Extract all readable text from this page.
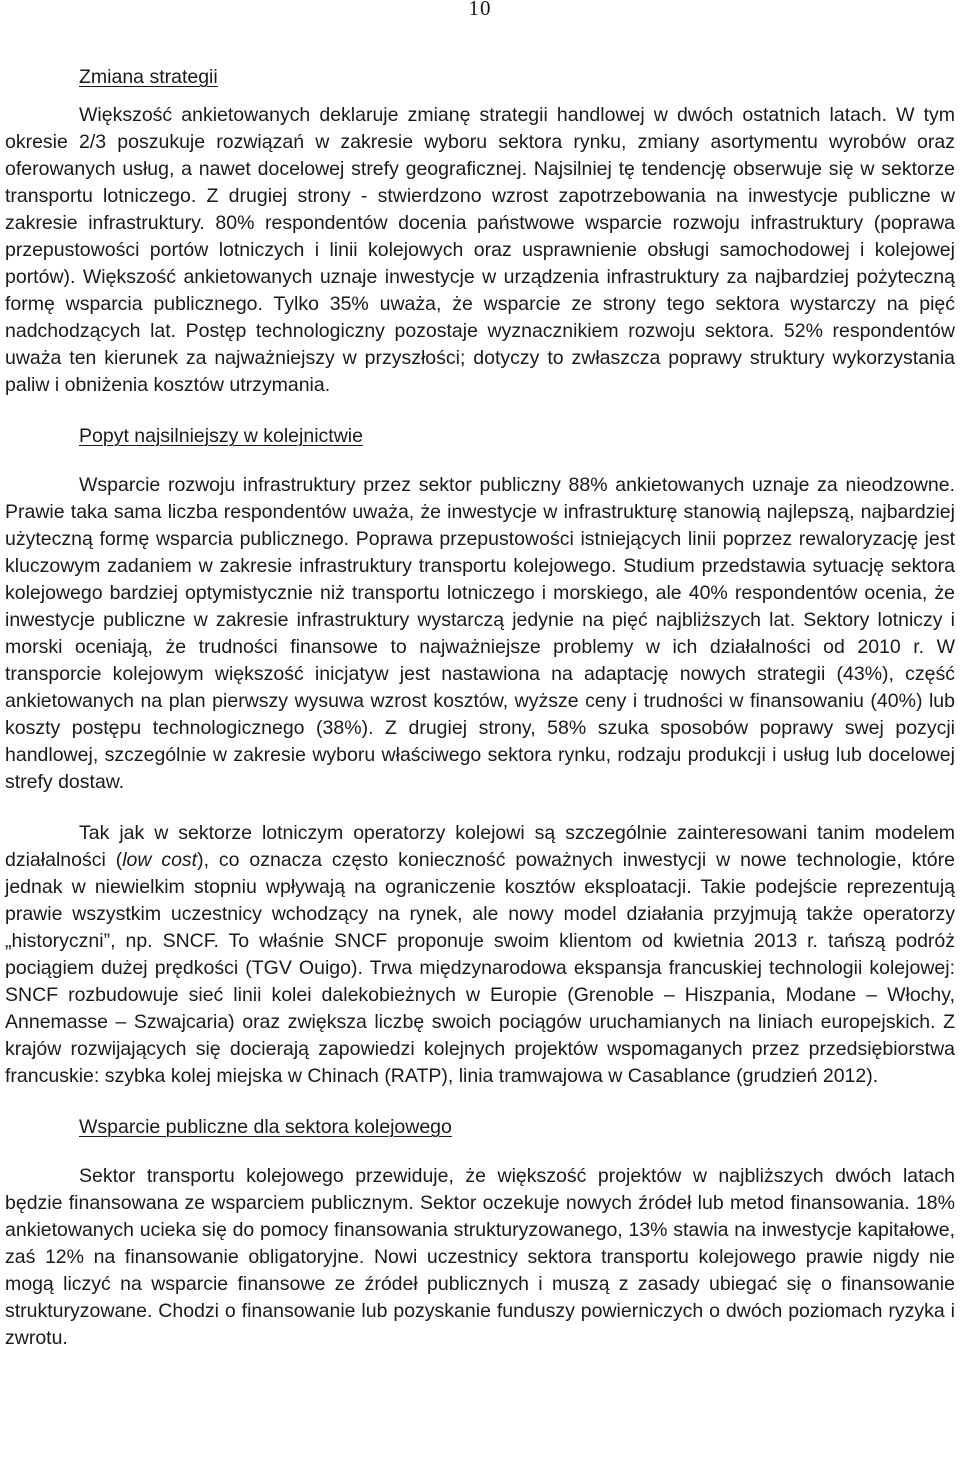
10
Zmiana strategii

Większość ankietowanych deklaruje zmianę strategii handlowej w dwóch ostatnich latach. W tym okresie 2/3 poszukuje rozwiązań w zakresie wyboru sektora rynku, zmiany asortymentu wyrobów oraz oferowanych usług, a nawet docelowej strefy geograficznej. Najsilniej tę tendencję obserwuje się w sektorze transportu lotniczego. Z drugiej strony - stwierdzono wzrost zapotrzebowania na inwestycje publiczne w zakresie infrastruktury. 80% respondentów docenia państwowe wsparcie rozwoju infrastruktury (poprawa przepustowości portów lotniczych i linii kolejowych oraz usprawnienie obsługi samochodowej i kolejowej portów). Większość ankietowanych uznaje inwestycje w urządzenia infrastruktury za najbardziej pożyteczną formę wsparcia publicznego. Tylko 35% uważa, że wsparcie ze strony tego sektora wystarczy na pięć nadchodzących lat. Postęp technologiczny pozostaje wyznacznikiem rozwoju sektora. 52% respondentów uważa ten kierunek za najważniejszy w przyszłości; dotyczy to zwłaszcza poprawy struktury wykorzystania paliw i obniżenia kosztów utrzymania.

Popyt najsilniejszy w kolejnictwie

Wsparcie rozwoju infrastruktury przez sektor publiczny 88% ankietowanych uznaje za nieodzowne. Prawie taka sama liczba respondentów uważa, że inwestycje w infrastrukturę stanowią najlepszą, najbardziej użyteczną formę wsparcia publicznego. Poprawa przepustowości istniejących linii poprzez rewaloryzację jest kluczowym zadaniem w zakresie infrastruktury transportu kolejowego. Studium przedstawia sytuację sektora kolejowego bardziej optymistycznie niż transportu lotniczego i morskiego, ale 40% respondentów ocenia, że inwestycje publiczne w zakresie infrastruktury wystarczą jedynie na pięć najbliższych lat. Sektory lotniczy i morski oceniają, że trudności finansowe to najważniejsze problemy w ich działalności od 2010 r. W transporcie kolejowym większość inicjatyw jest nastawiona na adaptację nowych strategii (43%), część ankietowanych na plan pierwszy wysuwa wzrost kosztów, wyższe ceny i trudności w finansowaniu (40%) lub koszty postępu technologicznego (38%). Z drugiej strony, 58% szuka sposobów poprawy swej pozycji handlowej, szczególnie w zakresie wyboru właściwego sektora rynku, rodzaju produkcji i usług lub docelowej strefy dostaw.

Tak jak w sektorze lotniczym operatorzy kolejowi są szczególnie zainteresowani tanim modelem działalności (low cost), co oznacza często konieczność poważnych inwestycji w nowe technologie, które jednak w niewielkim stopniu wpływają na ograniczenie kosztów eksploatacji. Takie podejście reprezentują prawie wszystkim uczestnicy wchodzący na rynek, ale nowy model działania przyjmują także operatorzy „historyczni”, np. SNCF. To właśnie SNCF proponuje swoim klientom od kwietnia 2013 r. tańszą podróż pociągiem dużej prędkości (TGV Ouigo). Trwa międzynarodowa ekspansja francuskiej technologii kolejowej: SNCF rozbudowuje sieć linii kolei dalekobieżnych w Europie (Grenoble – Hiszpania, Modane – Włochy, Annemasse – Szwajcaria) oraz zwiększa liczbę swoich pociągów uruchamianych na liniach europejskich. Z krajów rozwijających się docierają zapowiedzi kolejnych projektów wspomaganych przez przedsiębiorstwa francuskie: szybka kolej miejska w Chinach (RATP), linia tramwajowa w Casablance (grudzień 2012).

Wsparcie publiczne dla sektora kolejowego

Sektor transportu kolejowego przewiduje, że większość projektów w najbliższych dwóch latach będzie finansowana ze wsparciem publicznym. Sektor oczekuje nowych źródeł lub metod finansowania. 18% ankietowanych ucieka się do pomocy finansowania strukturyzowanego, 13% stawia na inwestycje kapitałowe, zaś 12% na finansowanie obligatoryjne. Nowi uczestnicy sektora transportu kolejowego prawie nigdy nie mogą liczyć na wsparcie finansowe ze źródeł publicznych i muszą z zasady ubiegać się o finansowanie strukturyzowane. Chodzi o finansowanie lub pozyskanie funduszy powierniczych o dwóch poziomach ryzyka i zwrotu.
